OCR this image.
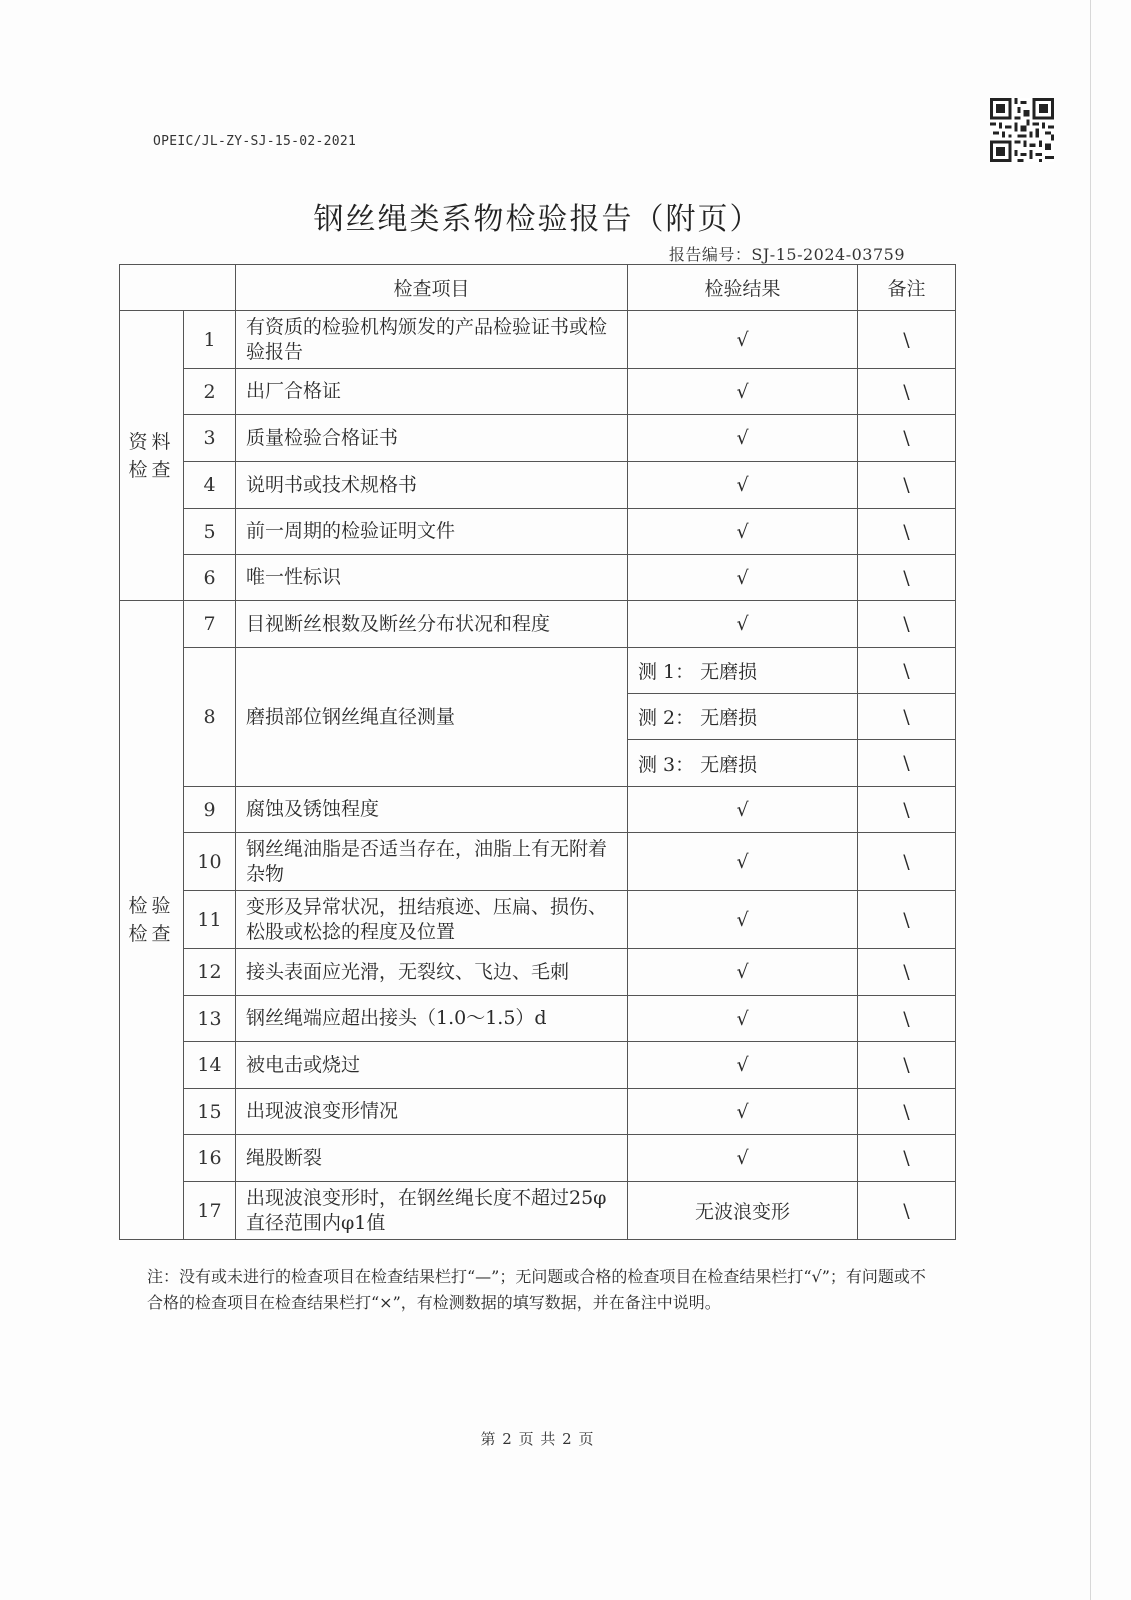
OPEIC/JL-ZY-SJ-15-02-2021
钢丝绳类系物检验报告（附页）
报告编号：SJ-15-2024-03759
		检查项目	检验结果	备注

资料
检查	1	有资质的检验机构颁发的产品检验证书或检验报告	√	\
	2	出厂合格证	√	\
	3	质量检验合格证书	√	\
	4	说明书或技术规格书	√	\
	5	前一周期的检验证明文件	√	\
	6	唯一性标识	√	\

检验
检查	7	目视断丝根数及断丝分布状况和程度	√	\
	8	磨损部位钢丝绳直径测量	测 1： 无磨损	\
			测 2： 无磨损	\
			测 3： 无磨损	\
	9	腐蚀及锈蚀程度	√	\
	10	钢丝绳油脂是否适当存在，油脂上有无附着杂物	√	\
	11	变形及异常状况，扭结痕迹、压扁、损伤、松股或松捻的程度及位置	√	\
	12	接头表面应光滑，无裂纹、飞边、毛刺	√	\
	13	钢丝绳端应超出接头（1.0～1.5）d	√	\
	14	被电击或烧过	√	\
	15	出现波浪变形情况	√	\
	16	绳股断裂	√	\
	17	出现波浪变形时，在钢丝绳长度不超过25φ直径范围内φ1值	无波浪变形	\
注：没有或未进行的检查项目在检查结果栏打“—”；无问题或合格的检查项目在检查结果栏打“√”；有问题或不合格的检查项目在检查结果栏打“×”，有检测数据的填写数据，并在备注中说明。
第 2 页 共 2 页
